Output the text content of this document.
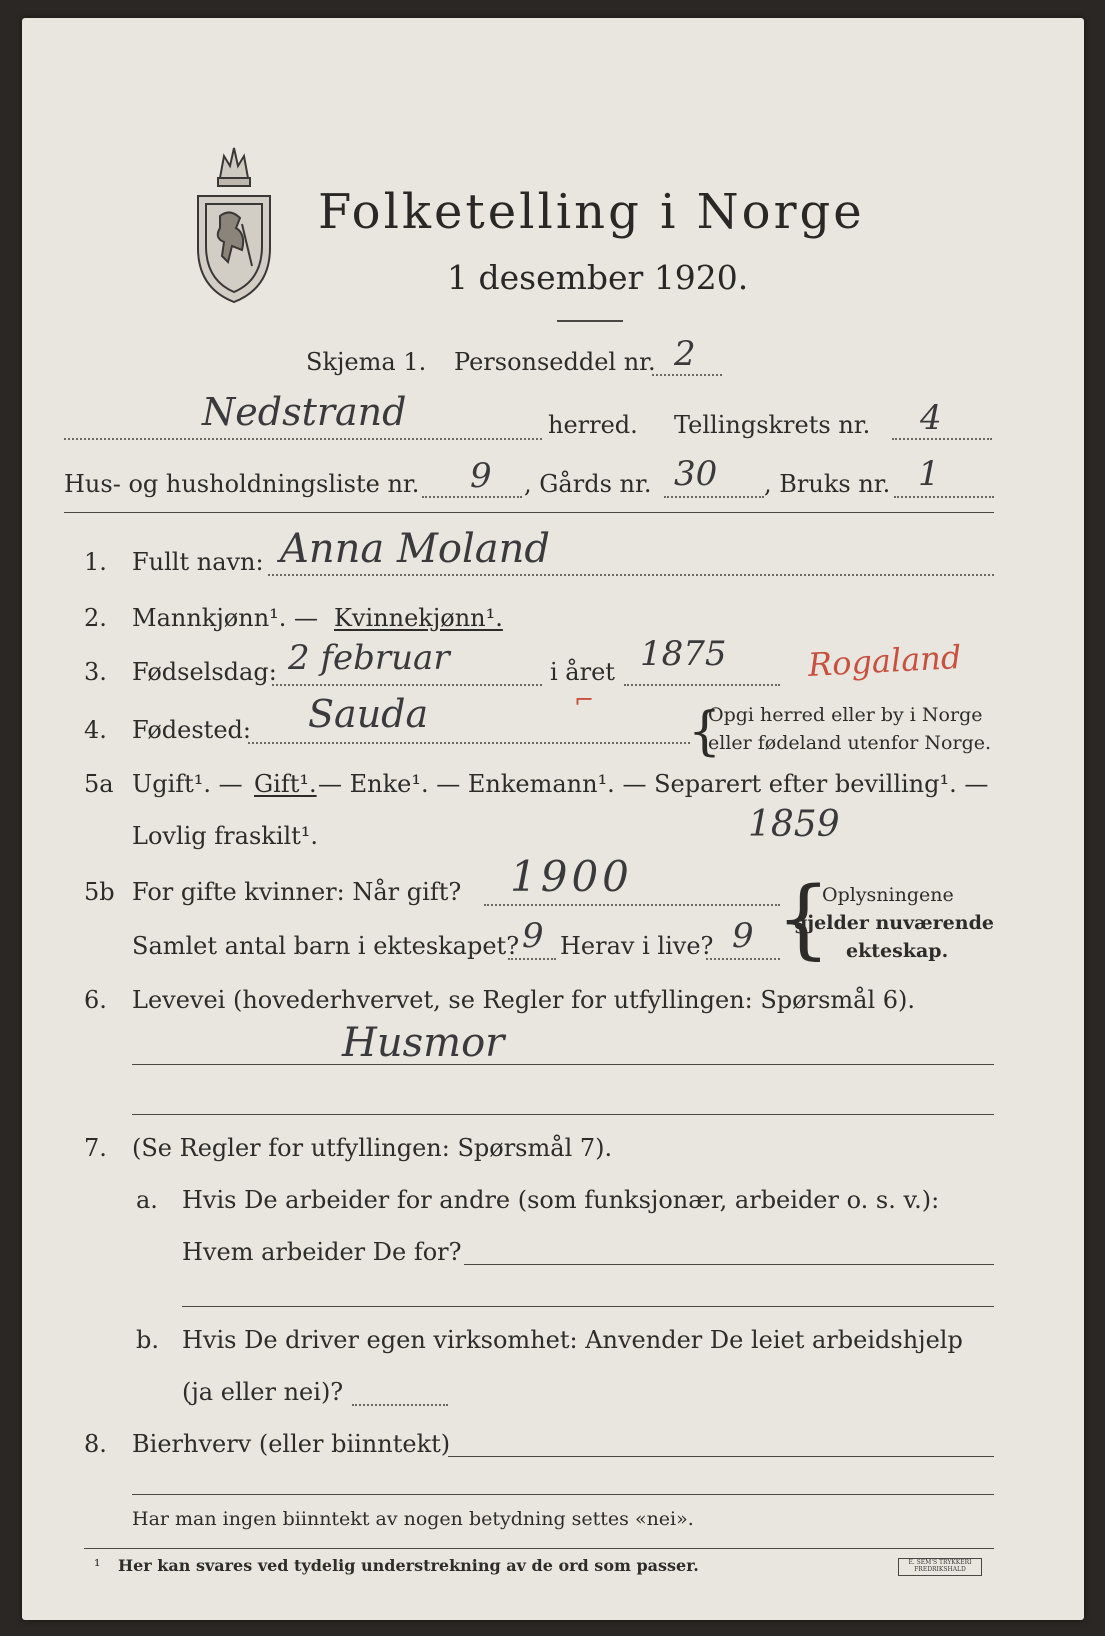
Folketelling i Norge
1 desember 1920.
Skjema 1. Personseddel nr. 2
Nedstrand	herred. Tellingskrets nr. 4
Hus- og husholdningsliste nr. 9 , Gårds nr. 30 , Bruks nr. 1
1. Fullt navn: Anna Moland
2. Mannkjønn¹. — Kvinnekjønn¹.
3. Fødselsdag: 2 februar	i året 1875	Rogaland
4. Fødested: Sauda	⌐
{
Opgi herred eller by i Norge
eller fødeland utenfor Norge.
5a Ugift¹. — Gift¹. — Enke¹. — Enkemann¹. — Separert efter bevilling¹. —
Lovlig fraskilt¹.	1859
5b For gifte kvinner: Når gift? 1900
Samlet antal barn i ekteskapet? 9 Herav i live? 9 {
Oplysningene
gjelder nuværende
ekteskap.
6. Levevei (hovederhvervet, se Regler for utfyllingen: Spørsmål 6).
Husmor
7. (Se Regler for utfyllingen: Spørsmål 7).
a. Hvis De arbeider for andre (som funksjonær, arbeider o. s. v.):
Hvem arbeider De for?
b. Hvis De driver egen virksomhet: Anvender De leiet arbeidshjelp
(ja eller nei)?
8. Bierhverv (eller biinntekt)
Har man ingen biinntekt av nogen betydning settes «nei».
¹ Her kan svares ved tydelig understrekning av de ord som passer.	E. SEM'S TRYKKERI FREDRIKSHALD
